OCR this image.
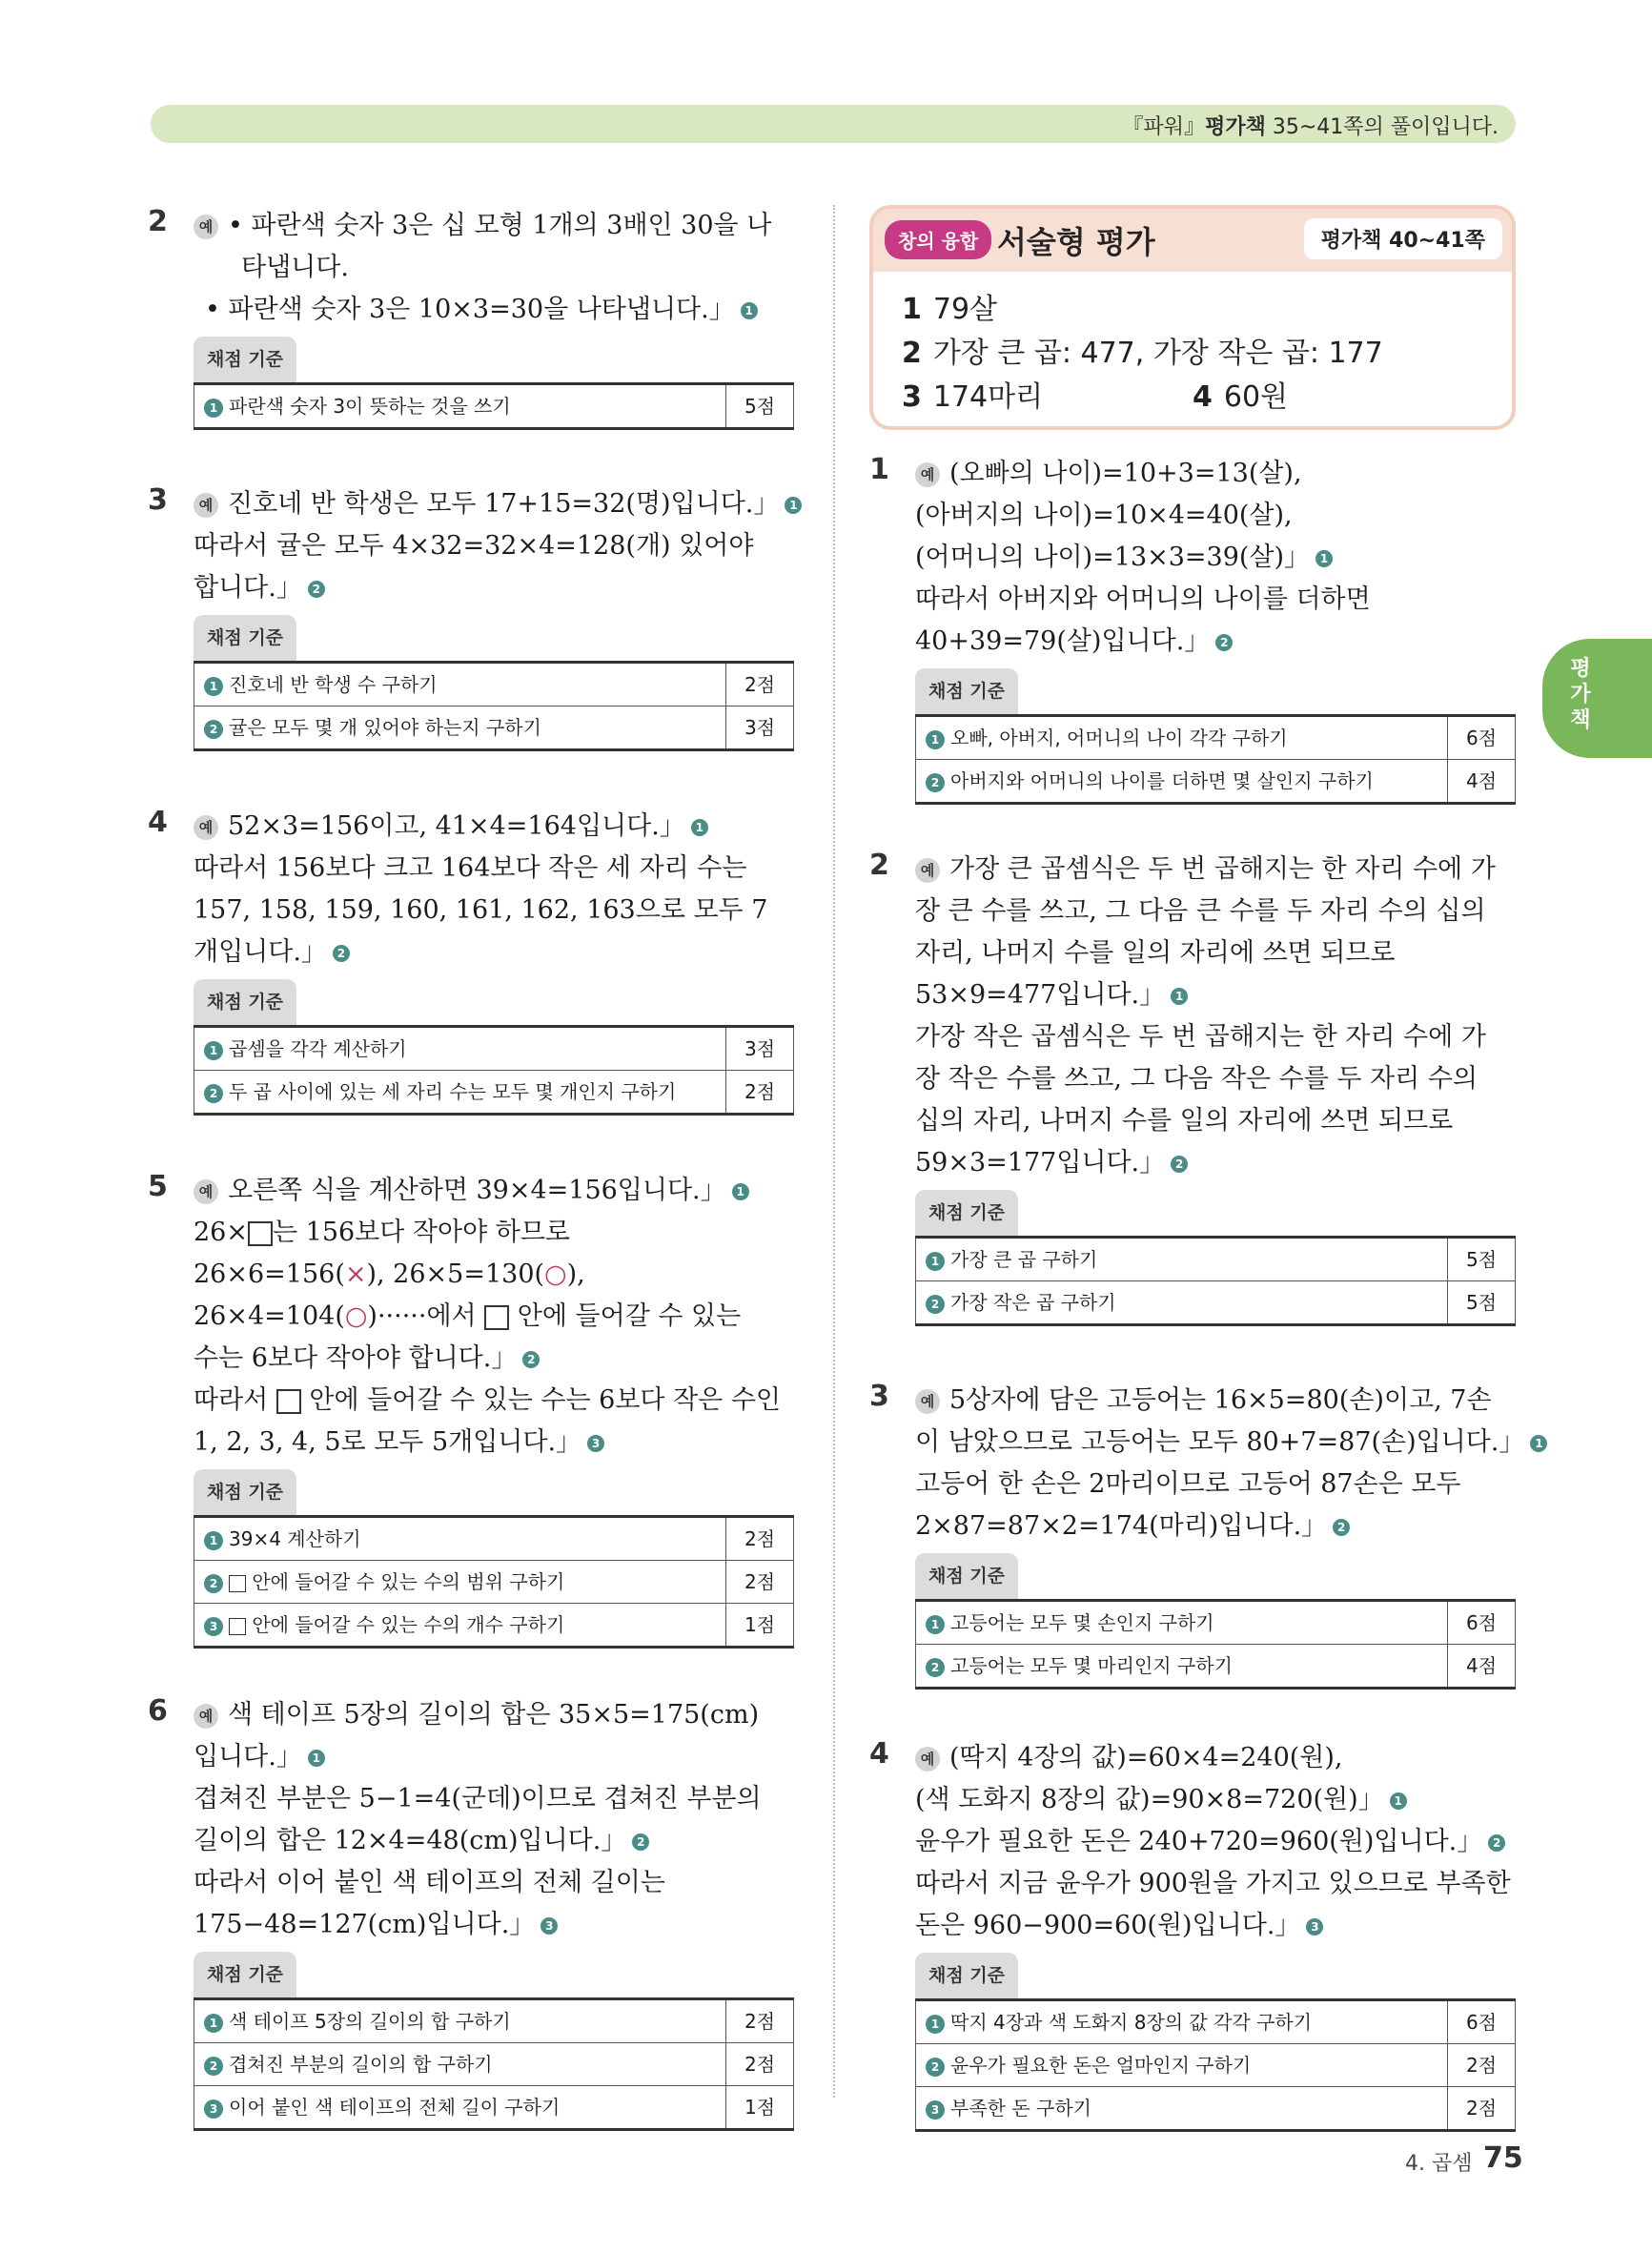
『파워』평가책 35~41쪽의 풀이입니다.
2	예 • 파란색 숫자 3은 십 모형 1개의 3배인 30을 나

타냅니다.

• 파란색 숫자 3은 10×3=30을 나타냅니다.」 1

채점 기준
1 파란색 숫자 3이 뜻하는 것을 쓰기	5점
3	예 진호네 반 학생은 모두 17+15=32(명)입니다.」 1

따라서 귤은 모두 4×32=32×4=128(개) 있어야

합니다.」 2

채점 기준
1 진호네 반 학생 수 구하기	2점
2 귤은 모두 몇 개 있어야 하는지 구하기	3점
4	예 52×3=156이고, 41×4=164입니다.」 1

따라서 156보다 크고 164보다 작은 세 자리 수는

157, 158, 159, 160, 161, 162, 163으로 모두 7

개입니다.」 2

채점 기준
1 곱셈을 각각 계산하기	3점
2 두 곱 사이에 있는 세 자리 수는 모두 몇 개인지 구하기	2점
5	예 오른쪽 식을 계산하면 39×4=156입니다.」 1

26× 는 156보다 작아야 하므로

26×6=156(×), 26×5=130(○),

26×4=104(○)······에서  안에 들어갈 수 있는

수는 6보다 작아야 합니다.」 2

따라서  안에 들어갈 수 있는 수는 6보다 작은 수인

1, 2, 3, 4, 5로 모두 5개입니다.」 3

채점 기준
1 39×4 계산하기	2점
2 안에 들어갈 수 있는 수의 범위 구하기	2점
3 안에 들어갈 수 있는 수의 개수 구하기	1점
6	예 색 테이프 5장의 길이의 합은 35×5=175(cm)

입니다.」 1

겹쳐진 부분은 5−1=4(군데)이므로 겹쳐진 부분의

길이의 합은 12×4=48(cm)입니다.」 2

따라서 이어 붙인 색 테이프의 전체 길이는

175−48=127(cm)입니다.」 3

채점 기준
1 색 테이프 5장의 길이의 합 구하기	2점
2 겹쳐진 부분의 길이의 합 구하기	2점
3 이어 붙인 색 테이프의 전체 길이 구하기	1점
창의 융합 서술형 평가	평가책 40~41쪽
1 79살
2 가장 큰 곱: 477, 가장 작은 곱: 177
3 174마리	4 60원
1	예 (오빠의 나이)=10+3=13(살),

(아버지의 나이)=10×4=40(살),

(어머니의 나이)=13×3=39(살)」 1

따라서 아버지와 어머니의 나이를 더하면

40+39=79(살)입니다.」 2

채점 기준
1 오빠, 아버지, 어머니의 나이 각각 구하기	6점
2 아버지와 어머니의 나이를 더하면 몇 살인지 구하기	4점
2	예 가장 큰 곱셈식은 두 번 곱해지는 한 자리 수에 가

장 큰 수를 쓰고, 그 다음 큰 수를 두 자리 수의 십의

자리, 나머지 수를 일의 자리에 쓰면 되므로

53×9=477입니다.」 1

가장 작은 곱셈식은 두 번 곱해지는 한 자리 수에 가

장 작은 수를 쓰고, 그 다음 작은 수를 두 자리 수의

십의 자리, 나머지 수를 일의 자리에 쓰면 되므로

59×3=177입니다.」 2

채점 기준
1 가장 큰 곱 구하기	5점
2 가장 작은 곱 구하기	5점
3	예 5상자에 담은 고등어는 16×5=80(손)이고, 7손

이 남았으므로 고등어는 모두 80+7=87(손)입니다.」 1

고등어 한 손은 2마리이므로 고등어 87손은 모두

2×87=87×2=174(마리)입니다.」 2

채점 기준
1 고등어는 모두 몇 손인지 구하기	6점
2 고등어는 모두 몇 마리인지 구하기	4점
4	예 (딱지 4장의 값)=60×4=240(원),

(색 도화지 8장의 값)=90×8=720(원)」 1

윤우가 필요한 돈은 240+720=960(원)입니다.」 2

따라서 지금 윤우가 900원을 가지고 있으므로 부족한

돈은 960−900=60(원)입니다.」 3

채점 기준
1 딱지 4장과 색 도화지 8장의 값 각각 구하기	6점
2 윤우가 필요한 돈은 얼마인지 구하기	2점
3 부족한 돈 구하기	2점
평가책
4. 곱셈 75
